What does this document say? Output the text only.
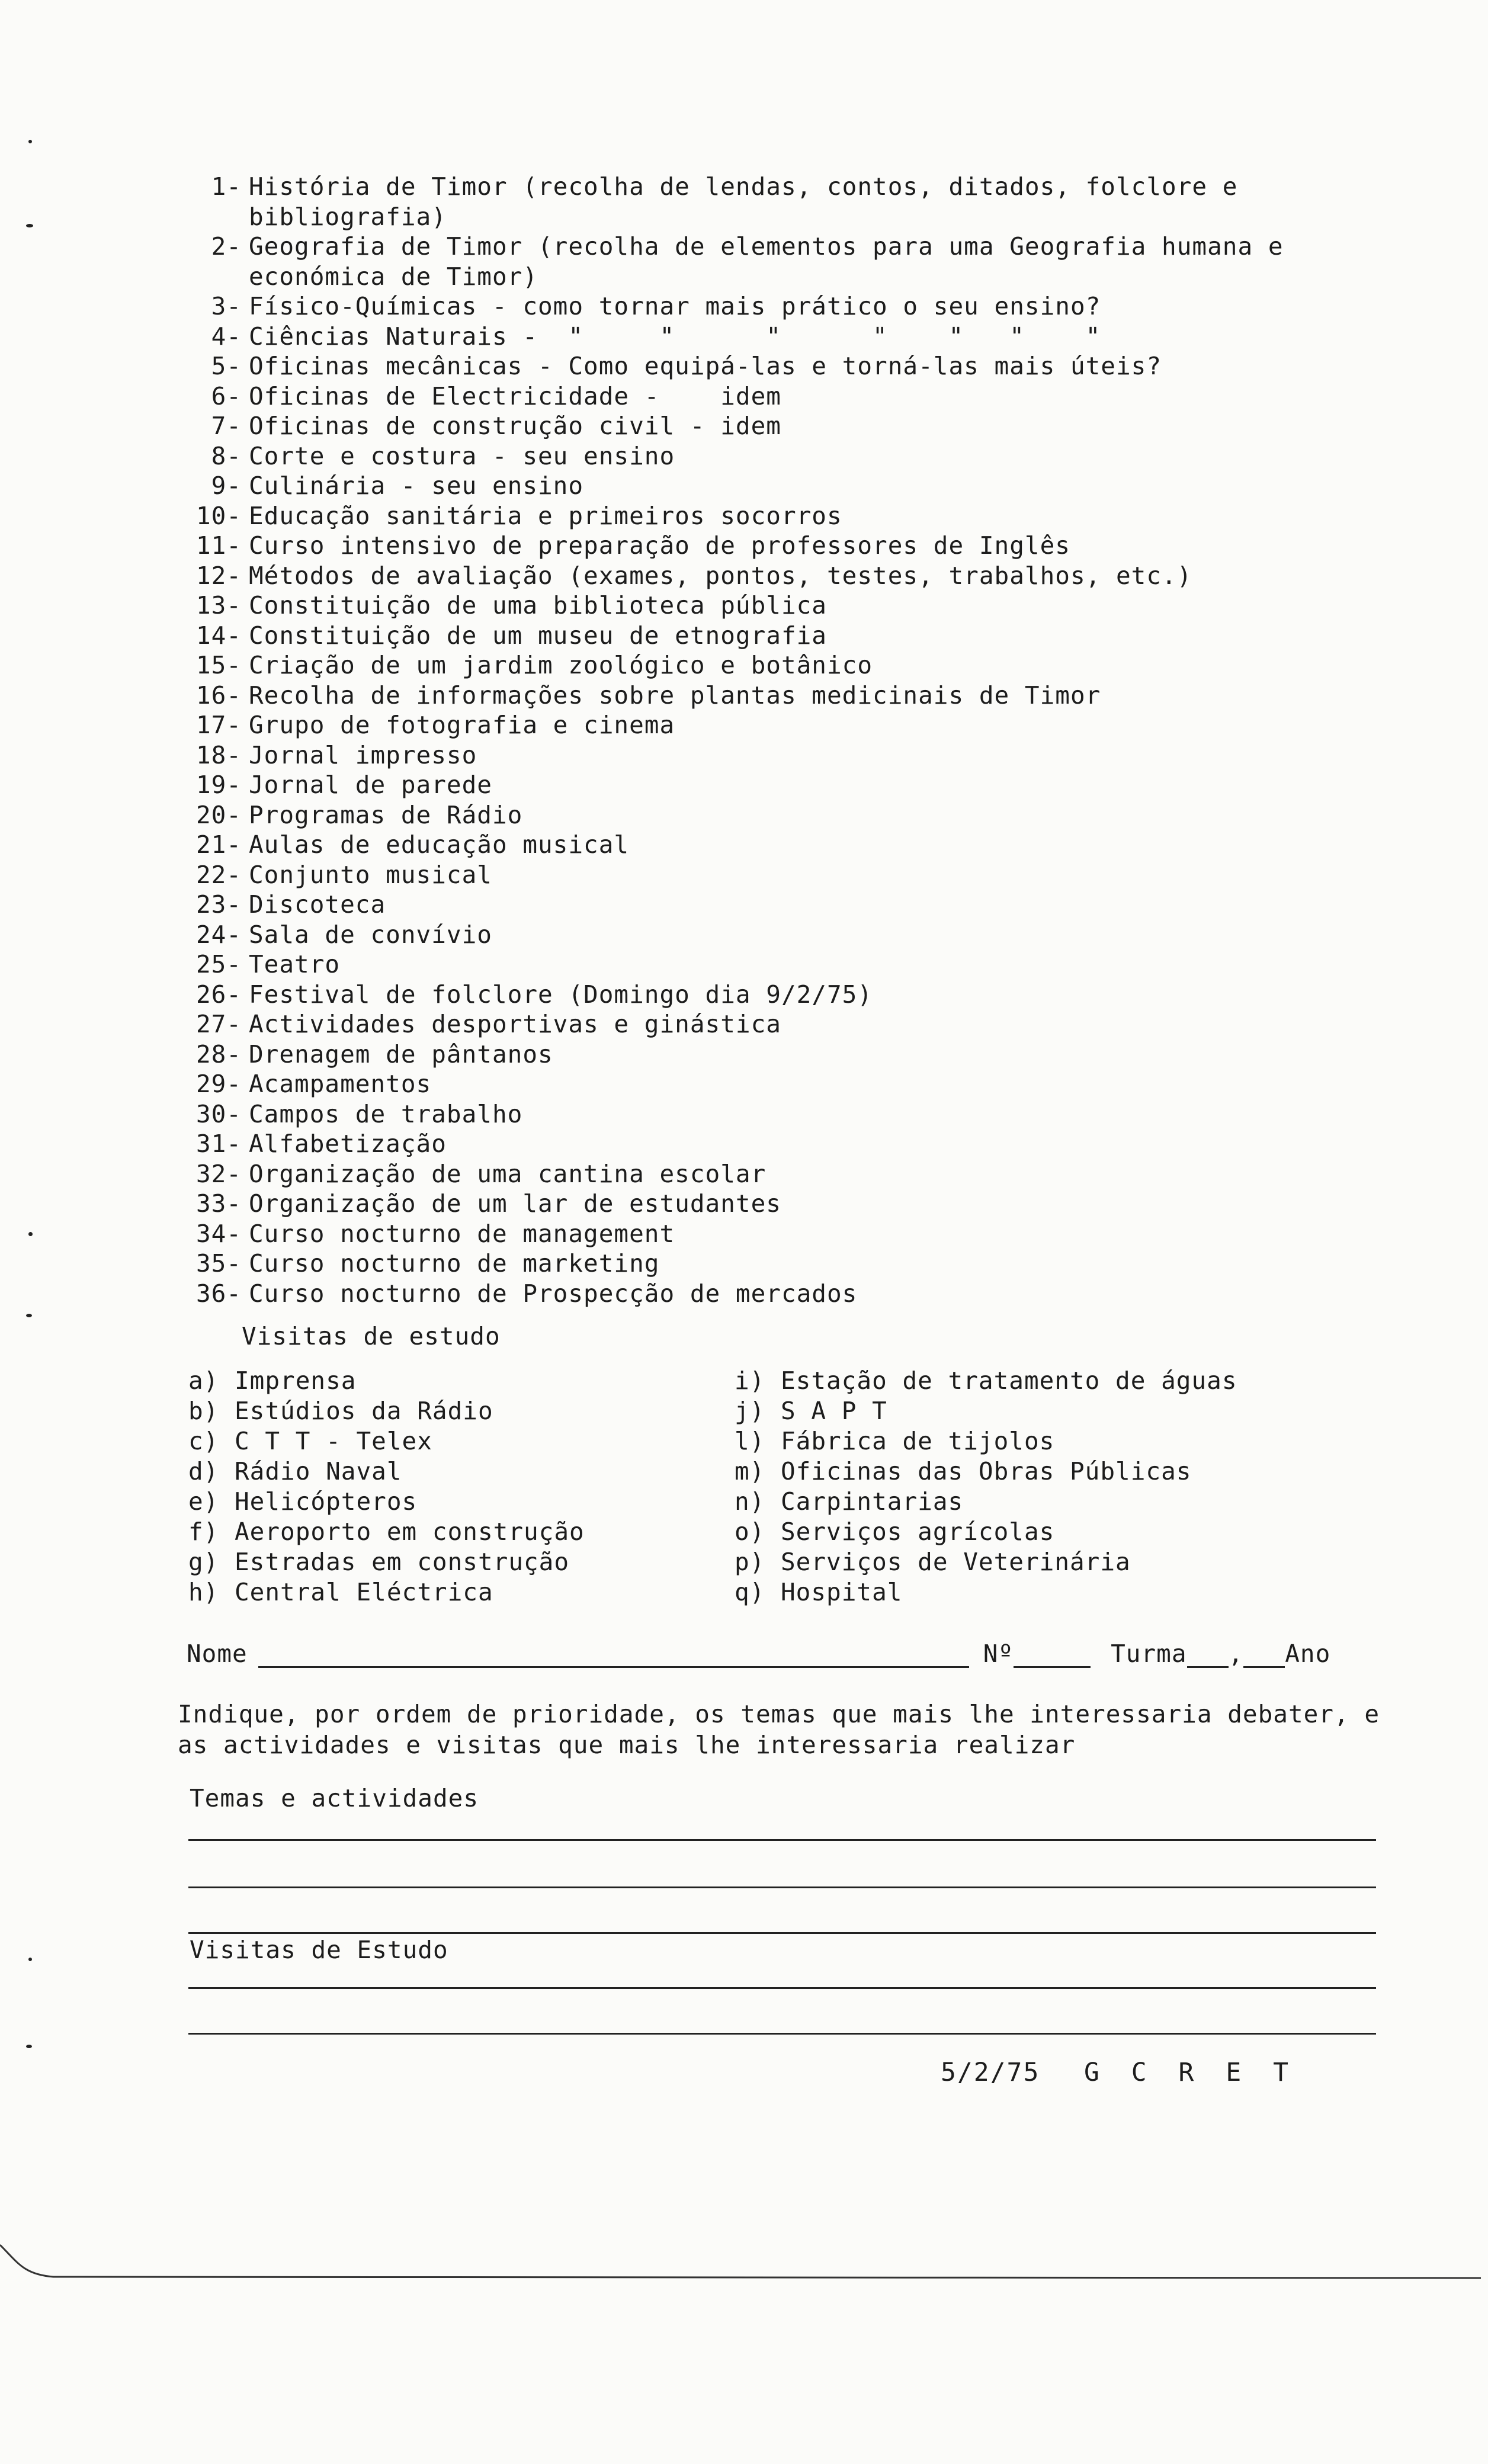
1- História de Timor (recolha de lendas, contos, ditados, folclore e bibliografia)
2- Geografia de Timor (recolha de elementos para uma Geografia humana e económica de Timor)
3- Físico-Químicas - como tornar mais prático o seu ensino?
4- Ciências Naturais -  "     "      "      "    "   "    "
5- Oficinas mecânicas - Como equipá-las e torná-las mais úteis?
6- Oficinas de Electricidade -    idem
7- Oficinas de construção civil - idem
8- Corte e costura - seu ensino
9- Culinária - seu ensino
10- Educação sanitária e primeiros socorros
11- Curso intensivo de preparação de professores de Inglês
12- Métodos de avaliação (exames, pontos, testes, trabalhos, etc.)
13- Constituição de uma biblioteca pública
14- Constituição de um museu de etnografia
15- Criação de um jardim zoológico e botânico
16- Recolha de informações sobre plantas medicinais de Timor
17- Grupo de fotografia e cinema
18- Jornal impresso
19- Jornal de parede
20- Programas de Rádio
21- Aulas de educação musical
22- Conjunto musical
23- Discoteca
24- Sala de convívio
25- Teatro
26- Festival de folclore (Domingo dia 9/2/75)
27- Actividades desportivas e ginástica
28- Drenagem de pântanos
29- Acampamentos
30- Campos de trabalho
31- Alfabetização
32- Organização de uma cantina escolar
33- Organização de um lar de estudantes
34- Curso nocturno de management
35- Curso nocturno de marketing
36- Curso nocturno de Prospecção de mercados
Visitas de estudo
a) Imprensa
b) Estúdios da Rádio
c) C T T - Telex
d) Rádio Naval
e) Helicópteros
f) Aeroporto em construção
g) Estradas em construção
h) Central Eléctrica
i) Estação de tratamento de águas
j) S A P T
l) Fábrica de tijolos
m) Oficinas das Obras Públicas
n) Carpintarias
o) Serviços agrícolas
p) Serviços de Veterinária
q) Hospital
Nome	Nº	Turma , Ano
Indique, por ordem de prioridade, os temas que mais lhe interessaria debater, e as actividades e visitas que mais lhe interessaria realizar
Temas e actividades
Visitas de Estudo
5/2/75 G C R E T
